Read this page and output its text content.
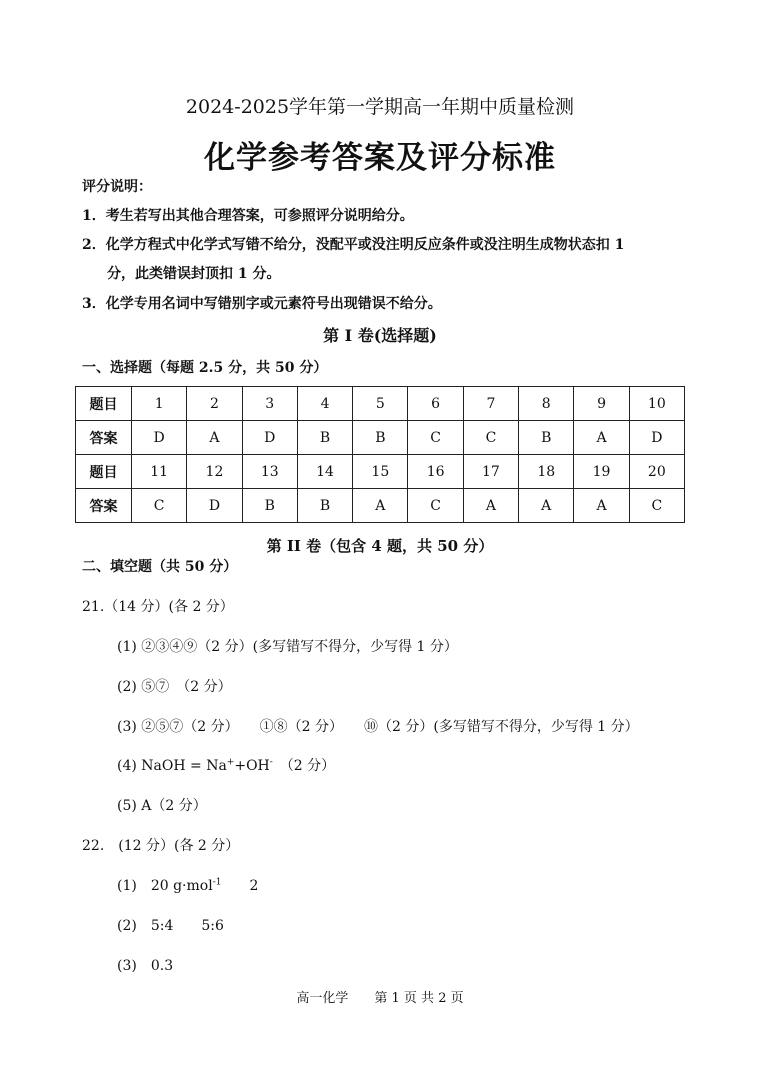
2024-2025学年第一学期高一年期中质量检测
化学参考答案及评分标准
评分说明：
1．考生若写出其他合理答案，可参照评分说明给分。
2．化学方程式中化学式写错不给分，没配平或没注明反应条件或没注明生成物状态扣 1
分，此类错误封顶扣 1 分。
3．化学专用名词中写错别字或元素符号出现错误不给分。
第 I 卷(选择题)
一、选择题（每题 2.5 分，共 50 分）
题目	1	2	3	4	5	6	7	8	9	10
答案	D	A	D	B	B	C	C	B	A	D
题目	11	12	13	14	15	16	17	18	19	20
答案	C	D	B	B	A	C	A	A	A	C
第 II 卷（包含 4 题，共 50 分）
二、填空题（共 50 分）
21.（14 分）(各 2 分）
(1) ②③④⑨（2 分）(多写错写不得分，少写得 1 分）
(2) ⑤⑦　（2 分）
(3) ②⑤⑦（2 分）　　①⑧（2 分）　　⑩（2 分）(多写错写不得分，少写得 1 分）
(4) NaOH = Na++OH-　（2 分）
(5) A（2 分）
22.　(12 分）(各 2 分）
(1)　20 g·mol$^{-1}$　　2
(2)　5:4　　5:6
(3)　0.3
高一化学　　第 1 页 共 2 页
